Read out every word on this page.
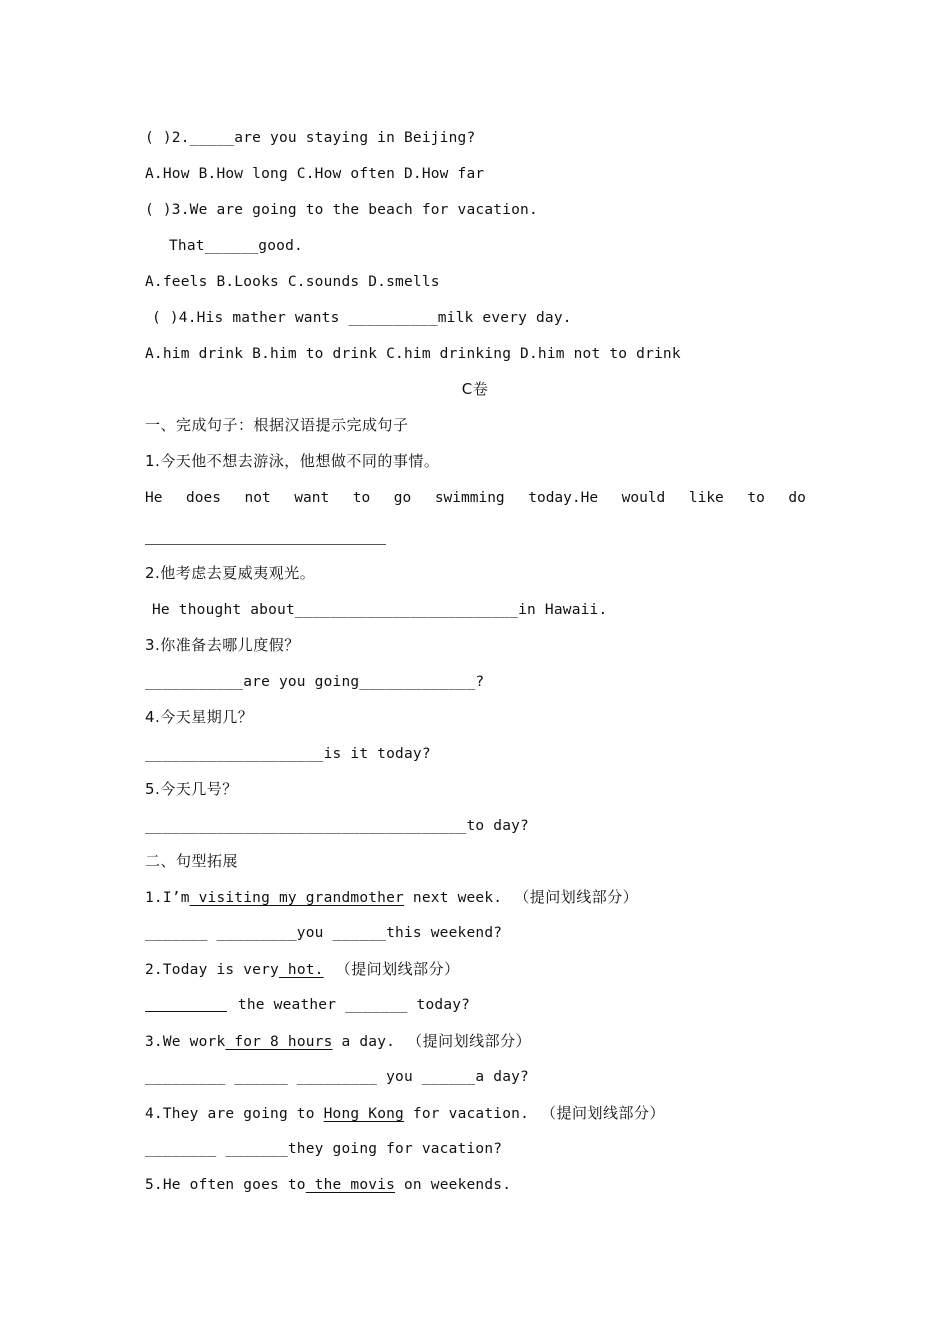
( )2._____are you staying in Beijing?
A.How B.How long C.How often D.How far
( )3.We are going to the beach for vacation.
That______good.
A.feels B.Looks C.sounds D.smells
( )4.His mather wants __________milk every day.
A.him drink B.him to drink C.him drinking D.him not to drink
C卷
一、完成句子：根据汉语提示完成句子
1.今天他不想去游泳，他想做不同的事情。
He does not want to go swimming today.He would like to do
2.他考虑去夏威夷观光。
He thought about_________________________in Hawaii.
3.你准备去哪儿度假？
___________are you going_____________?
4.今天星期几？
____________________is it today?
5.今天几号？
____________________________________to day?
二、句型拓展
1.I’m visiting my grandmother next week. （提问划线部分）
_______ _________you ______this weekend?
2.Today is very hot. （提问划线部分）
the weather _______ today?
3.We work for 8 hours a day. （提问划线部分）
_________ ______ _________ you ______a day?
4.They are going to Hong Kong for vacation. （提问划线部分）
________ _______they going for vacation?
5.He often goes to the movis on weekends.
